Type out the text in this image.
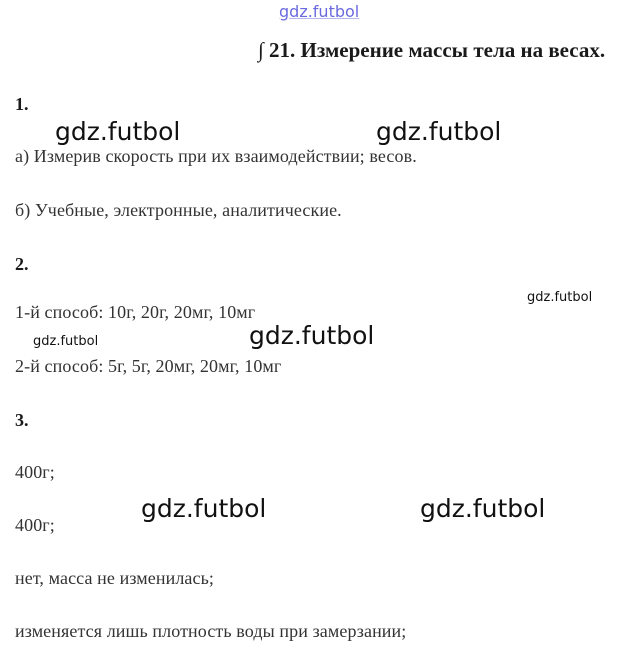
gdz.futbol
∫ 21. Измерение массы тела на весах.
1.
gdz.futbol	gdz.futbol
а) Измерив скорость при их взаимодействии; весов.
б) Учебные, электронные, аналитические.
2.
gdz.futbol
1-й способ: 10г, 20г, 20мг, 10мг
gdz.futbol	gdz.futbol
2-й способ: 5г, 5г, 20мг, 20мг, 10мг
3.
400г;
gdz.futbol	gdz.futbol
400г;
нет, масса не изменилась;
изменяется лишь плотность воды при замерзании;
